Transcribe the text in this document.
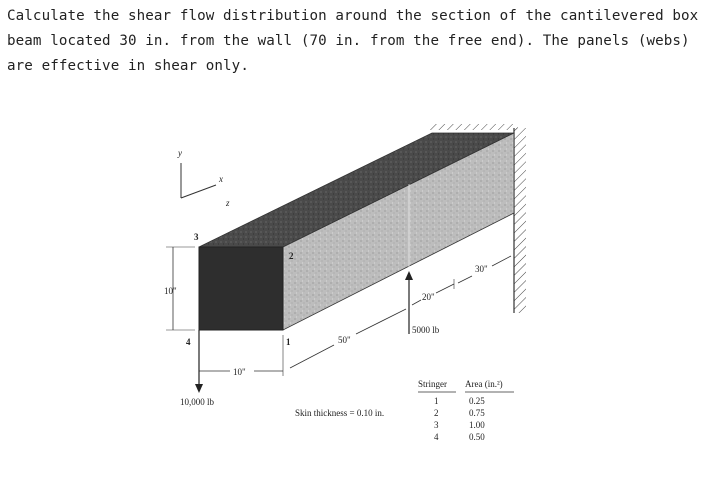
Calculate the shear flow distribution around the section of the cantilevered box
beam located 30 in. from the wall (70 in. from the free end). The panels (webs)
are effective in shear only.
y
x
z
1
2
3
4
10"
10"
50"
20"
30"
10,000 lb
5000 lb
Skin thickness = 0.10 in.
Stringer Area (in.²)
1	0.25
2	0.75
3	1.00
4	0.50
